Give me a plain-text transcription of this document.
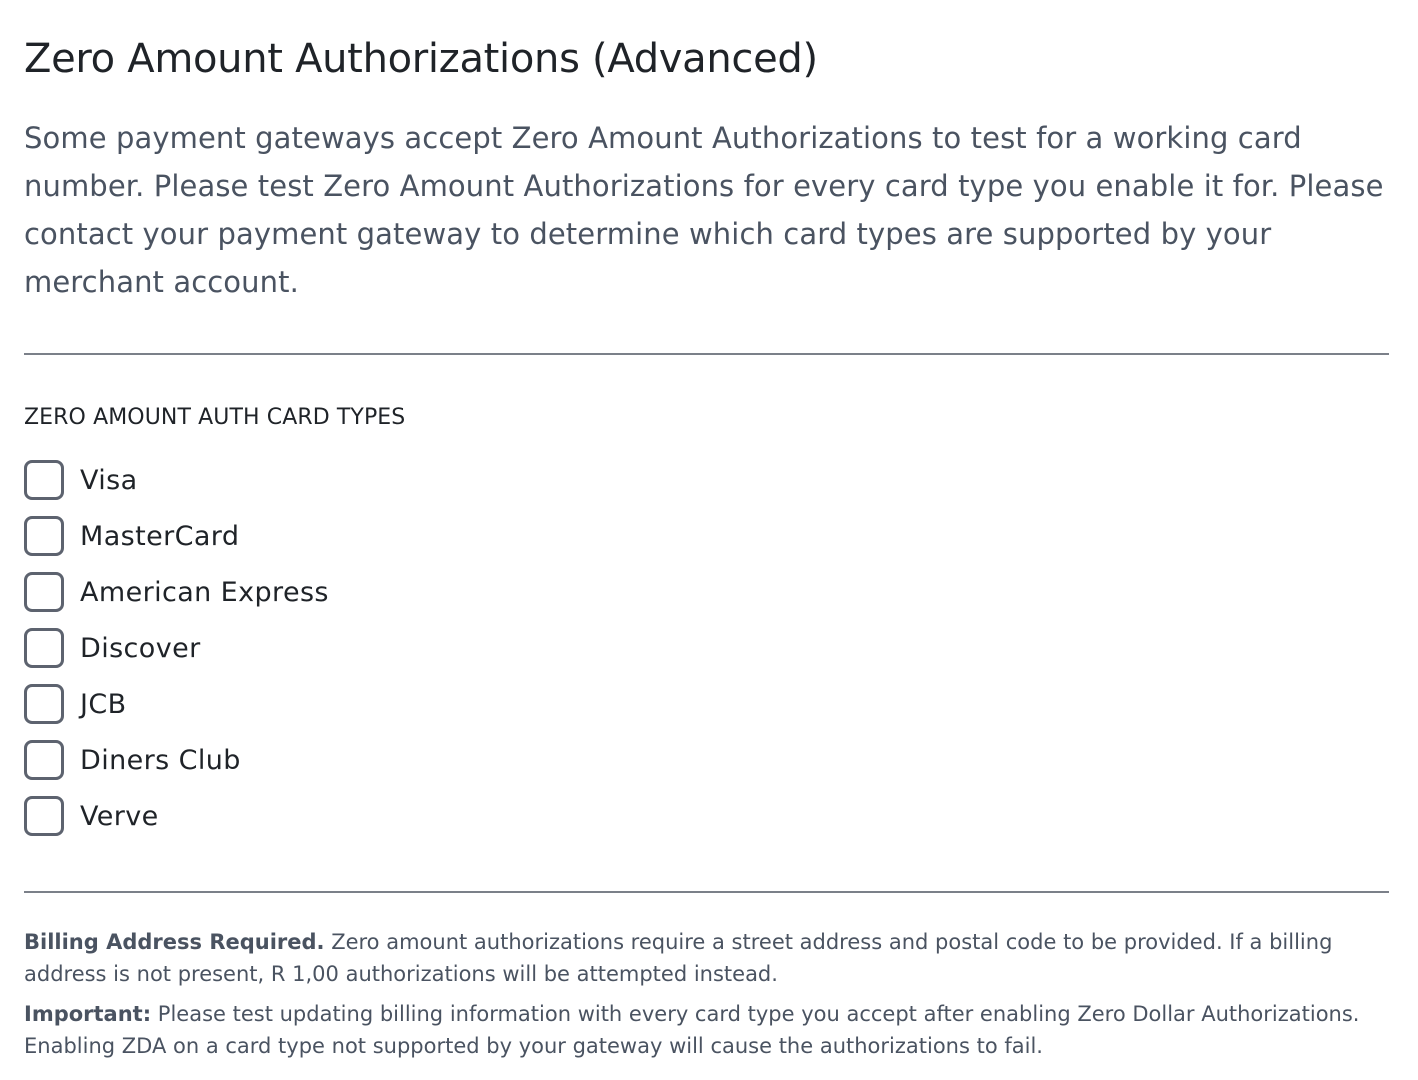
Zero Amount Authorizations (Advanced)

Some payment gateways accept Zero Amount Authorizations to test for a working card number. Please test Zero Amount Authorizations for every card type you enable it for. Please contact your payment gateway to determine which card types are supported by your merchant account.

ZERO AMOUNT AUTH CARD TYPES
Visa
MasterCard
American Express
Discover
JCB
Diners Club
Verve

Billing Address Required. Zero amount authorizations require a street address and postal code to be provided. If a billing address is not present, R 1,00 authorizations will be attempted instead.

Important: Please test updating billing information with every card type you accept after enabling Zero Dollar Authorizations. Enabling ZDA on a card type not supported by your gateway will cause the authorizations to fail.
